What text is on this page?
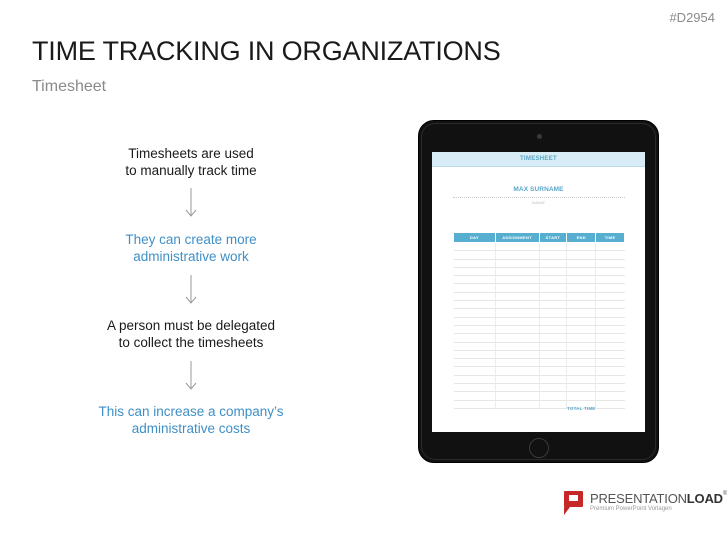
#D2954
TIME TRACKING IN ORGANIZATIONS
Timesheet
Timesheets are used
to manually track time
They can create more
administrative work
A person must be delegated
to collect the timesheets
This can increase a company’s
administrative costs
TIMESHEET
MAX SURNAME
NAME
DAY	ASSIGNMENT	START	END	TIME

TOTAL TIME
PRESENTATIONLOAD®
Premium PowerPoint Vorlagen
